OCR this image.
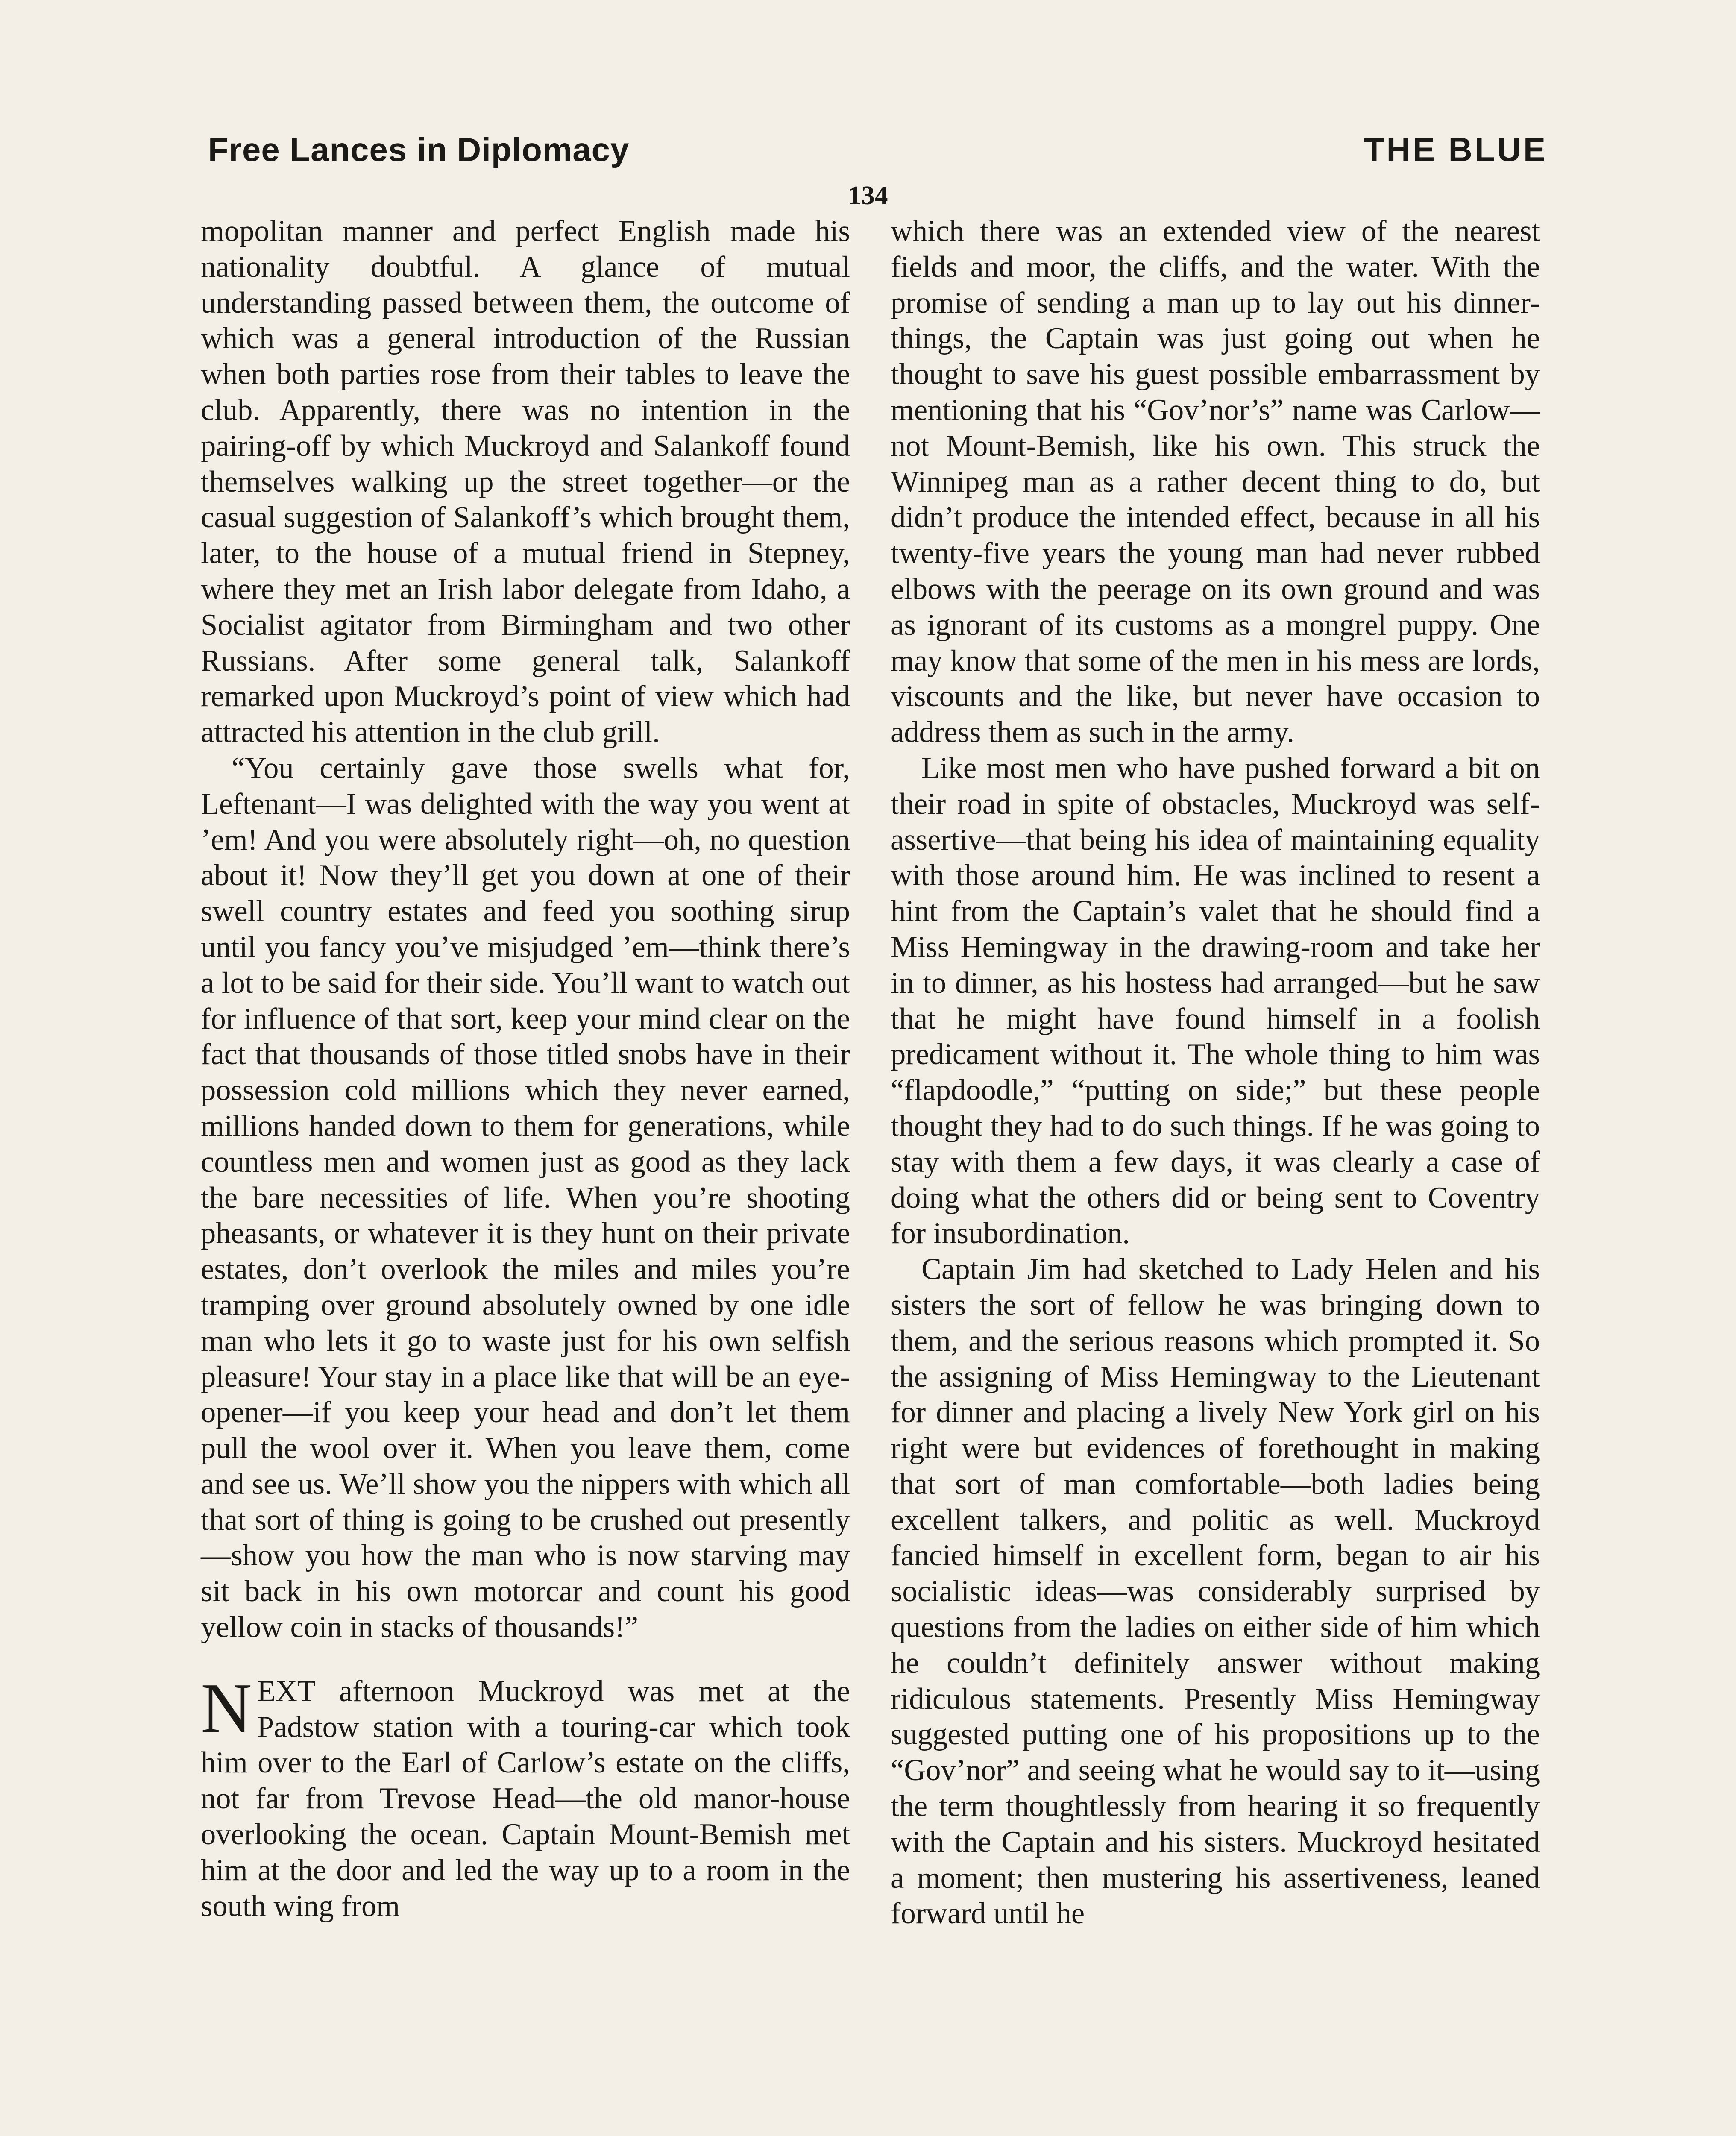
Free Lances in Diplomacy	THE BLUE
134

mopolitan manner and perfect English made his nationality doubtful. A glance of mutual understanding passed between them, the outcome of which was a general introduction of the Russian when both parties rose from their tables to leave the club. Apparently, there was no intention in the pairing-off by which Muckroyd and Salankoff found themselves walking up the street together—or the casual suggestion of Salankoff’s which brought them, later, to the house of a mutual friend in Stepney, where they met an Irish labor delegate from Idaho, a Socialist agitator from Birmingham and two other Russians. After some general talk, Salankoff remarked upon Muckroyd’s point of view which had attracted his attention in the club grill.

“You certainly gave those swells what for, Leftenant—I was delighted with the way you went at ’em! And you were absolutely right—oh, no question about it! Now they’ll get you down at one of their swell country estates and feed you soothing sirup until you fancy you’ve misjudged ’em—think there’s a lot to be said for their side. You’ll want to watch out for influence of that sort, keep your mind clear on the fact that thousands of those titled snobs have in their possession cold millions which they never earned, millions handed down to them for generations, while countless men and women just as good as they lack the bare necessities of life. When you’re shooting pheasants, or whatever it is they hunt on their private estates, don’t overlook the miles and miles you’re tramping over ground absolutely owned by one idle man who lets it go to waste just for his own selfish pleasure! Your stay in a place like that will be an eye-opener—if you keep your head and don’t let them pull the wool over it. When you leave them, come and see us. We’ll show you the nippers with which all that sort of thing is going to be crushed out presently—show you how the man who is now starving may sit back in his own motorcar and count his good yellow coin in stacks of thousands!”

NEXT afternoon Muckroyd was met at the Padstow station with a touring-car which took him over to the Earl of Carlow’s estate on the cliffs, not far from Trevose Head—the old manor-house overlooking the ocean. Captain Mount-Bemish met him at the door and led the way up to a room in the south wing from

which there was an extended view of the nearest fields and moor, the cliffs, and the water. With the promise of sending a man up to lay out his dinner-things, the Captain was just going out when he thought to save his guest possible embarrassment by mentioning that his “Gov’nor’s” name was Carlow—not Mount-Bemish, like his own. This struck the Winnipeg man as a rather decent thing to do, but didn’t produce the intended effect, because in all his twenty-five years the young man had never rubbed elbows with the peerage on its own ground and was as ignorant of its customs as a mongrel puppy. One may know that some of the men in his mess are lords, viscounts and the like, but never have occasion to address them as such in the army.

Like most men who have pushed forward a bit on their road in spite of obstacles, Muckroyd was self-assertive—that being his idea of maintaining equality with those around him. He was inclined to resent a hint from the Captain’s valet that he should find a Miss Hemingway in the drawing-room and take her in to dinner, as his hostess had arranged—but he saw that he might have found himself in a foolish predicament without it. The whole thing to him was “flapdoodle,” “putting on side;” but these people thought they had to do such things. If he was going to stay with them a few days, it was clearly a case of doing what the others did or being sent to Coventry for insubordination.

Captain Jim had sketched to Lady Helen and his sisters the sort of fellow he was bringing down to them, and the serious reasons which prompted it. So the assigning of Miss Hemingway to the Lieutenant for dinner and placing a lively New York girl on his right were but evidences of forethought in making that sort of man comfortable—both ladies being excellent talkers, and politic as well. Muckroyd fancied himself in excellent form, began to air his socialistic ideas—was considerably surprised by questions from the ladies on either side of him which he couldn’t definitely answer without making ridiculous statements. Presently Miss Hemingway suggested putting one of his propositions up to the “Gov’nor” and seeing what he would say to it—using the term thoughtlessly from hearing it so frequently with the Captain and his sisters. Muckroyd hesitated a moment; then mustering his assertiveness, leaned forward until he
